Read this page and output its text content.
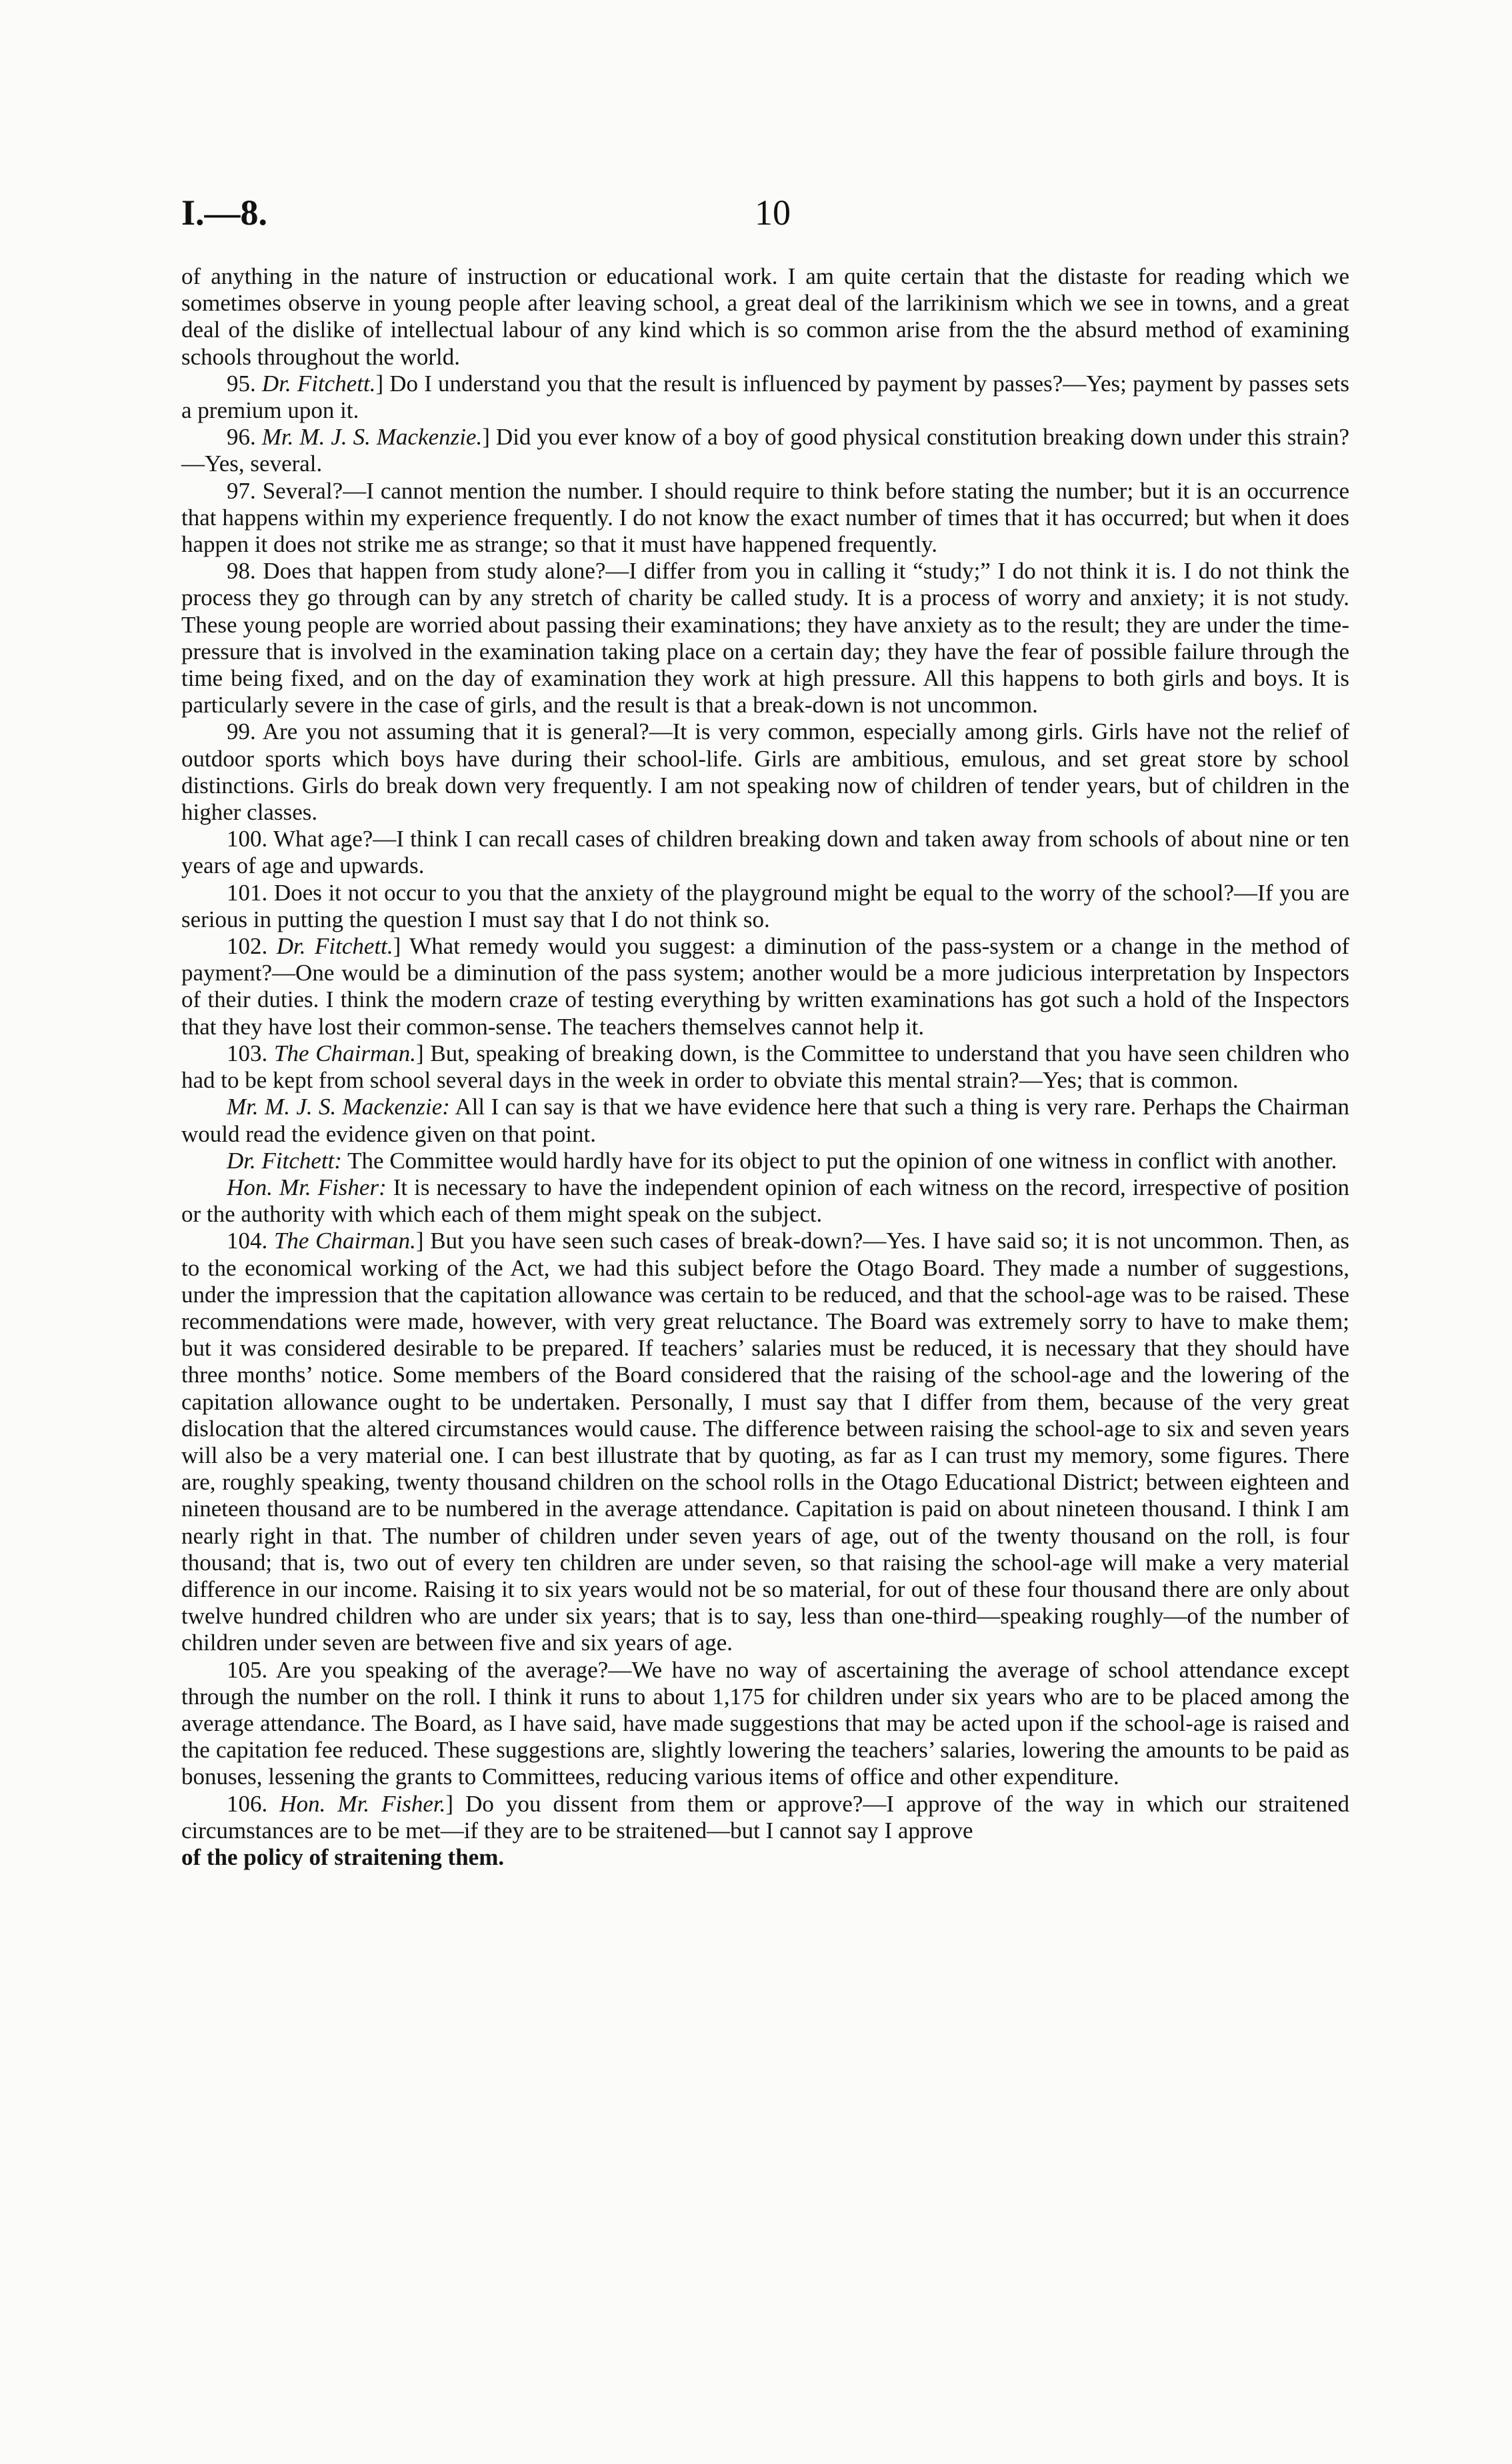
I.—8.	10

of anything in the nature of instruction or educational work. I am quite certain that the distaste for reading which we sometimes observe in young people after leaving school, a great deal of the larrikinism which we see in towns, and a great deal of the dislike of intellectual labour of any kind which is so common arise from the the absurd method of examining schools throughout the world.

95. Dr. Fitchett.] Do I understand you that the result is influenced by payment by passes?—Yes; payment by passes sets a premium upon it.

96. Mr. M. J. S. Mackenzie.] Did you ever know of a boy of good physical constitution breaking down under this strain?—Yes, several.

97. Several?—I cannot mention the number. I should require to think before stating the number; but it is an occurrence that happens within my experience frequently. I do not know the exact number of times that it has occurred; but when it does happen it does not strike me as strange; so that it must have happened frequently.

98. Does that happen from study alone?—I differ from you in calling it “study;” I do not think it is. I do not think the process they go through can by any stretch of charity be called study. It is a process of worry and anxiety; it is not study. These young people are worried about passing their examinations; they have anxiety as to the result; they are under the time-pressure that is involved in the examination taking place on a certain day; they have the fear of possible failure through the time being fixed, and on the day of examination they work at high pressure. All this happens to both girls and boys. It is particularly severe in the case of girls, and the result is that a break-down is not uncommon.

99. Are you not assuming that it is general?—It is very common, especially among girls. Girls have not the relief of outdoor sports which boys have during their school-life. Girls are ambitious, emulous, and set great store by school distinctions. Girls do break down very frequently. I am not speaking now of children of tender years, but of children in the higher classes.

100. What age?—I think I can recall cases of children breaking down and taken away from schools of about nine or ten years of age and upwards.

101. Does it not occur to you that the anxiety of the playground might be equal to the worry of the school?—If you are serious in putting the question I must say that I do not think so.

102. Dr. Fitchett.] What remedy would you suggest: a diminution of the pass-system or a change in the method of payment?—One would be a diminution of the pass system; another would be a more judicious interpretation by Inspectors of their duties. I think the modern craze of testing everything by written examinations has got such a hold of the Inspectors that they have lost their common-sense. The teachers themselves cannot help it.

103. The Chairman.] But, speaking of breaking down, is the Committee to understand that you have seen children who had to be kept from school several days in the week in order to obviate this mental strain?—Yes; that is common.

Mr. M. J. S. Mackenzie: All I can say is that we have evidence here that such a thing is very rare. Perhaps the Chairman would read the evidence given on that point.

Dr. Fitchett: The Committee would hardly have for its object to put the opinion of one witness in conflict with another.

Hon. Mr. Fisher: It is necessary to have the independent opinion of each witness on the record, irrespective of position or the authority with which each of them might speak on the subject.

104. The Chairman.] But you have seen such cases of break-down?—Yes. I have said so; it is not uncommon. Then, as to the economical working of the Act, we had this subject before the Otago Board. They made a number of suggestions, under the impression that the capitation allowance was certain to be reduced, and that the school-age was to be raised. These recommendations were made, however, with very great reluctance. The Board was extremely sorry to have to make them; but it was considered desirable to be prepared. If teachers’ salaries must be reduced, it is necessary that they should have three months’ notice. Some members of the Board considered that the raising of the school-age and the lowering of the capitation allowance ought to be undertaken. Personally, I must say that I differ from them, because of the very great dislocation that the altered circumstances would cause. The difference between raising the school-age to six and seven years will also be a very material one. I can best illustrate that by quoting, as far as I can trust my memory, some figures. There are, roughly speaking, twenty thousand children on the school rolls in the Otago Educational District; between eighteen and nineteen thousand are to be numbered in the average attendance. Capitation is paid on about nineteen thousand. I think I am nearly right in that. The number of children under seven years of age, out of the twenty thousand on the roll, is four thousand; that is, two out of every ten children are under seven, so that raising the school-age will make a very material difference in our income. Raising it to six years would not be so material, for out of these four thousand there are only about twelve hundred children who are under six years; that is to say, less than one-third—speaking roughly—of the number of children under seven are between five and six years of age.

105. Are you speaking of the average?—We have no way of ascertaining the average of school attendance except through the number on the roll. I think it runs to about 1,175 for children under six years who are to be placed among the average attendance. The Board, as I have said, have made suggestions that may be acted upon if the school-age is raised and the capitation fee reduced. These suggestions are, slightly lowering the teachers’ salaries, lowering the amounts to be paid as bonuses, lessening the grants to Committees, reducing various items of office and other expenditure.

106. Hon. Mr. Fisher.] Do you dissent from them or approve?—I approve of the way in which our straitened circumstances are to be met—if they are to be straitened—but I cannot say I approve

of the policy of straitening them.
